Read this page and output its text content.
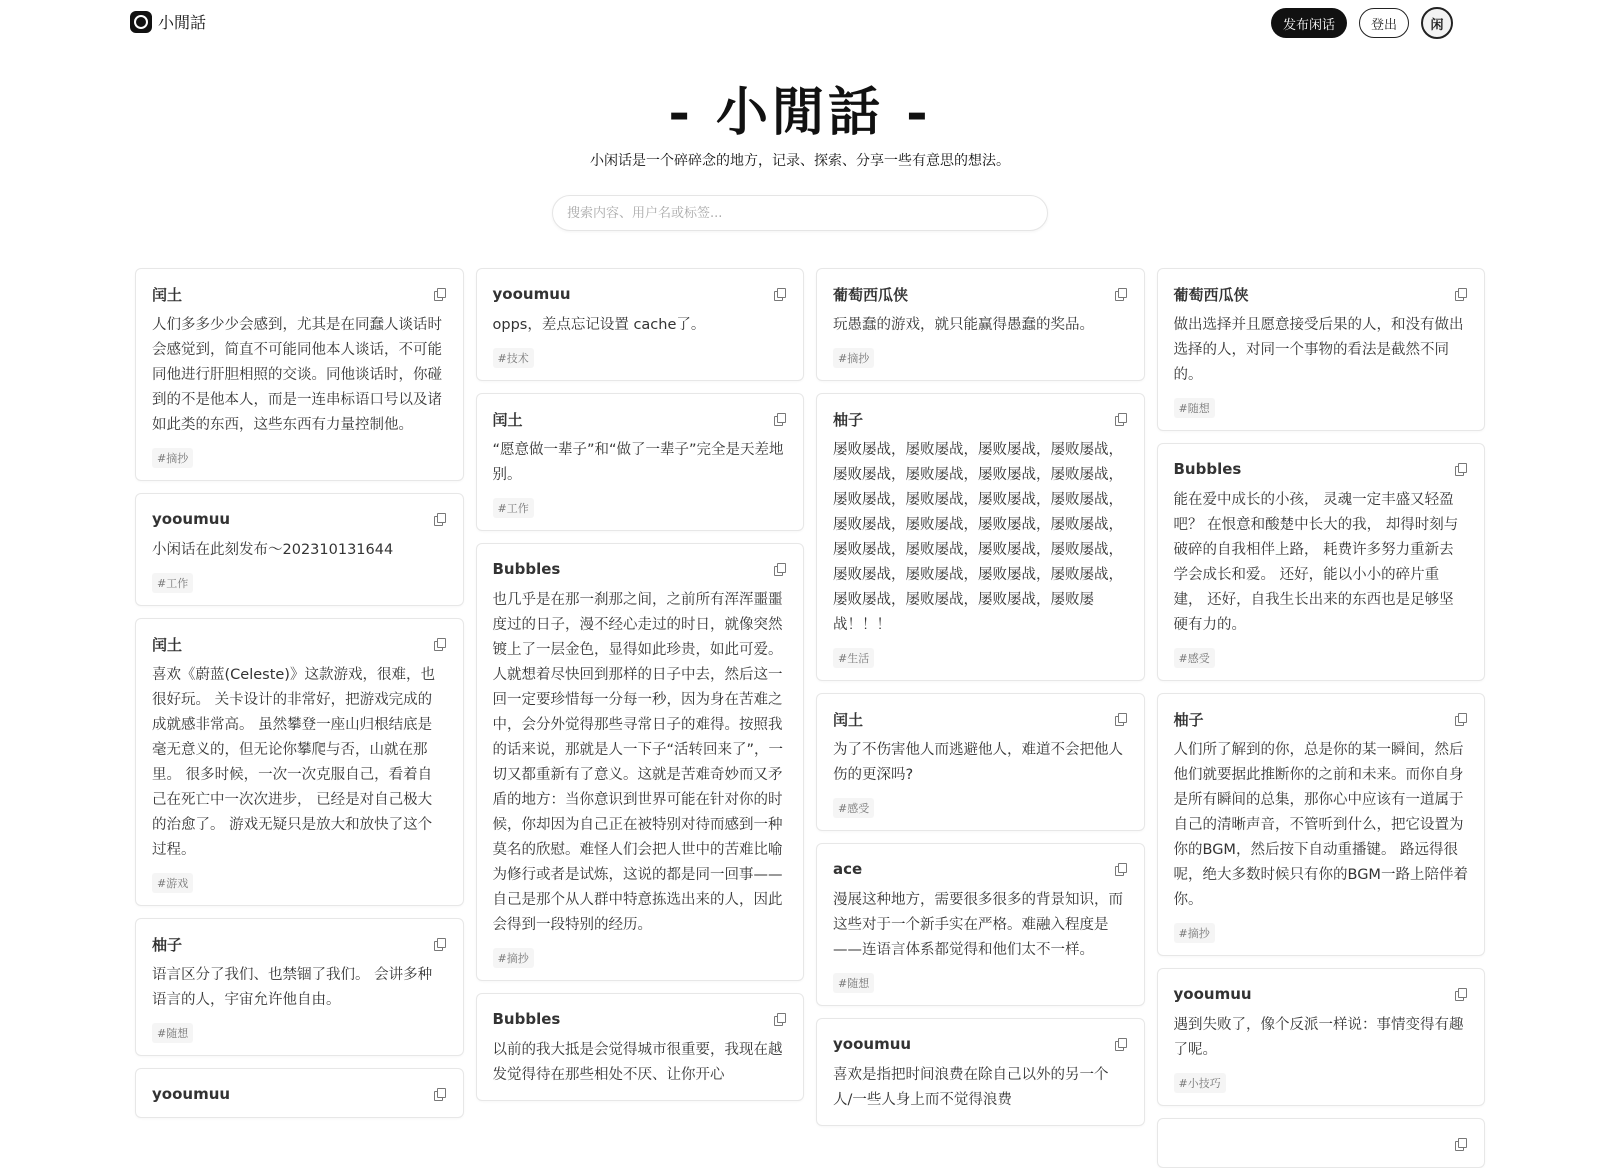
小閒話	发布闲话	登出	闲
- 小閒話 -
小闲话是一个碎碎念的地方，记录、探索、分享一些有意思的想法。
搜索内容、用户名或标签...
闰土
人们多多少少会感到，尤其是在同蠢人谈话时会感觉到，简直不可能同他本人谈话，不可能同他进行肝胆相照的交谈。同他谈话时，你碰到的不是他本人，而是一连串标语口号以及诸如此类的东西，这些东西有力量控制他。
#摘抄
yooumuu
小闲话在此刻发布～202310131644
#工作
闰土
喜欢《蔚蓝(Celeste)》这款游戏，很难，也很好玩。 关卡设计的非常好，把游戏完成的成就感非常高。 虽然攀登一座山归根结底是毫无意义的，但无论你攀爬与否，山就在那里。 很多时候，一次一次克服自己，看着自己在死亡中一次次进步， 已经是对自己极大的治愈了。 游戏无疑只是放大和放快了这个过程。
#游戏
柚子
语言区分了我们、也禁锢了我们。 会讲多种语言的人，宇宙允许他自由。
#随想
yooumuu
yooumuu
opps，差点忘记设置 cache了。
#技术
闰土
“愿意做一辈子”和“做了一辈子”完全是天差地别。
#工作
Bubbles
也几乎是在那一刹那之间，之前所有浑浑噩噩度过的日子，漫不经心走过的时日，就像突然镀上了一层金色，显得如此珍贵，如此可爱。人就想着尽快回到那样的日子中去，然后这一回一定要珍惜每一分每一秒，因为身在苦难之中，会分外觉得那些寻常日子的难得。按照我的话来说，那就是人一下子“活转回来了”，一切又都重新有了意义。这就是苦难奇妙而又矛盾的地方：当你意识到世界可能在针对你的时候，你却因为自己正在被特别对待而感到一种莫名的欣慰。难怪人们会把人世中的苦难比喻为修行或者是试炼，这说的都是同一回事——自己是那个从人群中特意拣选出来的人，因此会得到一段特别的经历。
#摘抄
Bubbles
以前的我大抵是会觉得城市很重要，我现在越发觉得待在那些相处不厌、让你开心
葡萄西瓜侠
玩愚蠢的游戏，就只能赢得愚蠢的奖品。
#摘抄
柚子
屡败屡战，屡败屡战，屡败屡战，屡败屡战，屡败屡战，屡败屡战，屡败屡战，屡败屡战，屡败屡战，屡败屡战，屡败屡战，屡败屡战，屡败屡战，屡败屡战，屡败屡战，屡败屡战，屡败屡战，屡败屡战，屡败屡战，屡败屡战，屡败屡战，屡败屡战，屡败屡战，屡败屡战，屡败屡战，屡败屡战，屡败屡战，屡败屡战！！！
#生活
闰土
为了不伤害他人而逃避他人，难道不会把他人伤的更深吗?
#感受
ace
漫展这种地方，需要很多很多的背景知识，而这些对于一个新手实在严格。难融入程度是——连语言体系都觉得和他们太不一样。
#随想
yooumuu
喜欢是指把时间浪费在除自己以外的另一个人/一些人身上而不觉得浪费
葡萄西瓜侠
做出选择并且愿意接受后果的人，和没有做出选择的人，对同一个事物的看法是截然不同的。
#随想
Bubbles
能在爱中成长的小孩， 灵魂一定丰盛又轻盈吧？ 在恨意和酸楚中长大的我， 却得时刻与破碎的自我相伴上路， 耗费许多努力重新去学会成长和爱。 还好，能以小小的碎片重建， 还好，自我生长出来的东西也是足够坚硬有力的。
#感受
柚子
人们所了解到的你，总是你的某一瞬间，然后他们就要据此推断你的之前和未来。而你自身是所有瞬间的总集，那你心中应该有一道属于自己的清晰声音，不管听到什么，把它设置为你的BGM，然后按下自动重播键。 路远得很呢，绝大多数时候只有你的BGM一路上陪伴着你。
#摘抄
yooumuu
遇到失败了，像个反派一样说：事情变得有趣了呢。
#小技巧
